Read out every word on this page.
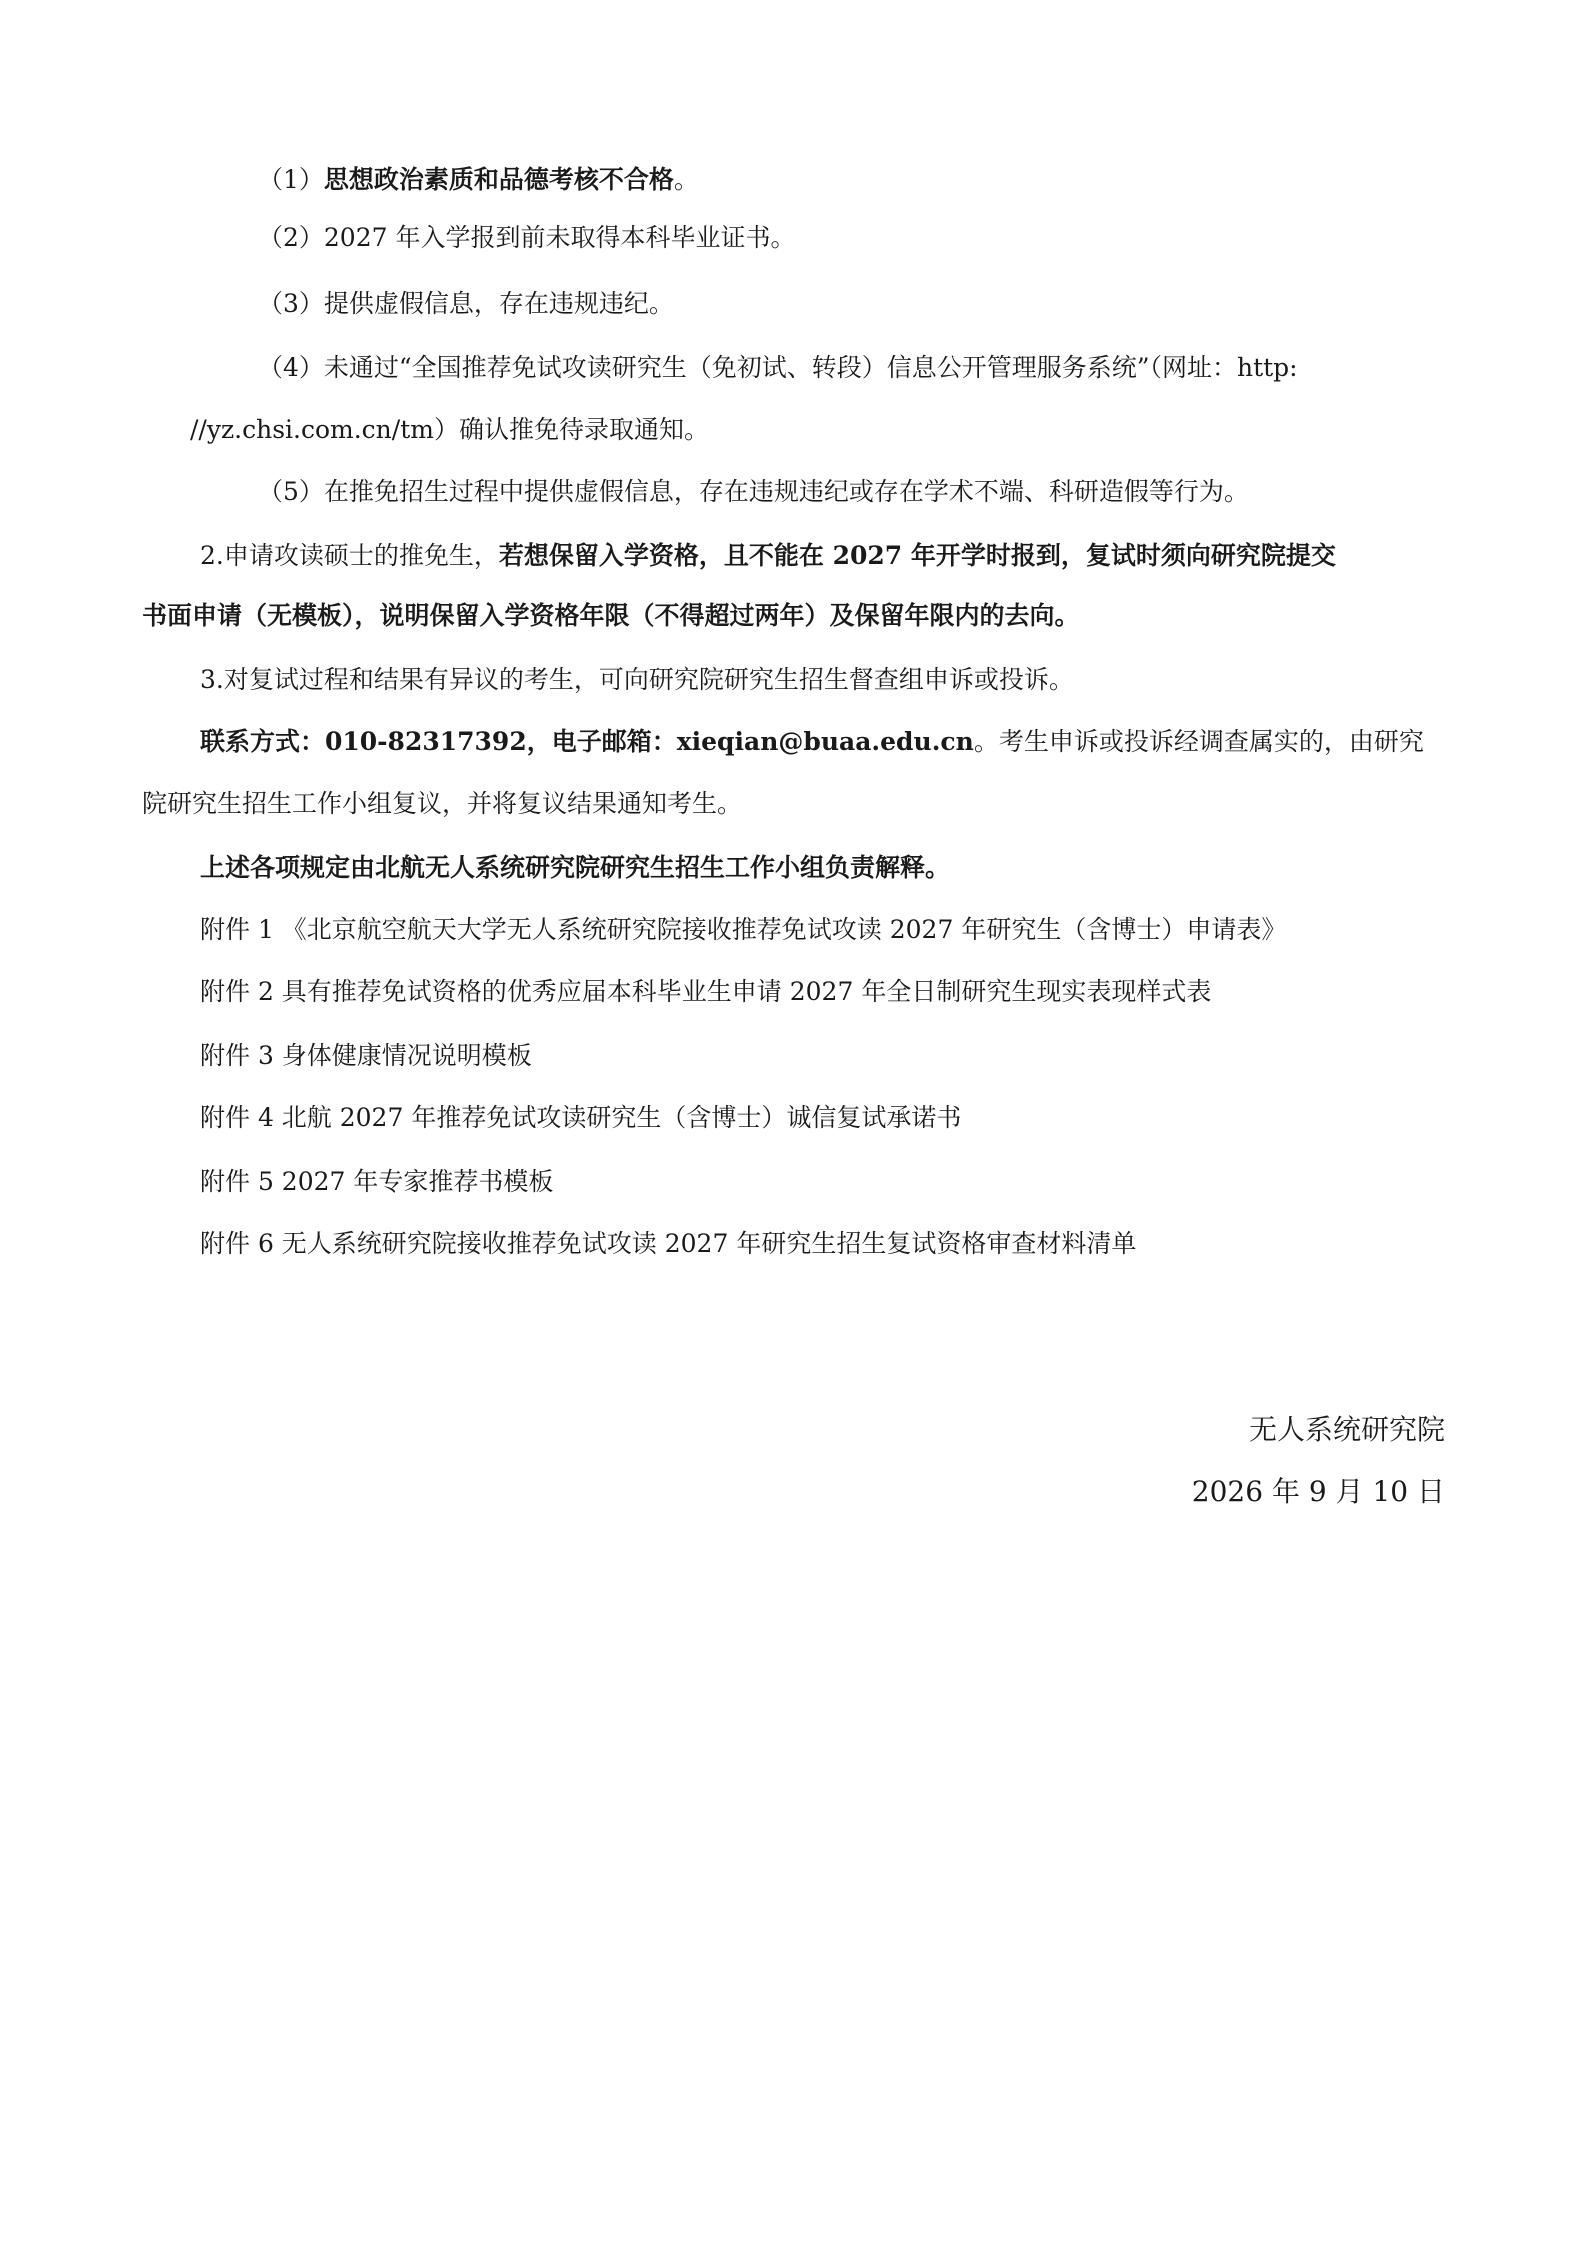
（1）思想政治素质和品德考核不合格。
（2）2027 年入学报到前未取得本科毕业证书。
（3）提供虚假信息，存在违规违纪。
（4）未通过“全国推荐免试攻读研究生（免初试、转段）信息公开管理服务系统”（网址：http:
//yz.chsi.com.cn/tm）确认推免待录取通知。
（5）在推免招生过程中提供虚假信息，存在违规违纪或存在学术不端、科研造假等行为。
2.申请攻读硕士的推免生，若想保留入学资格，且不能在 2027 年开学时报到，复试时须向研究院提交
书面申请（无模板），说明保留入学资格年限（不得超过两年）及保留年限内的去向。
3.对复试过程和结果有异议的考生，可向研究院研究生招生督查组申诉或投诉。
联系方式：010-82317392，电子邮箱：xieqian@buaa.edu.cn。考生申诉或投诉经调查属实的，由研究
院研究生招生工作小组复议，并将复议结果通知考生。
上述各项规定由北航无人系统研究院研究生招生工作小组负责解释。
附件 1 《北京航空航天大学无人系统研究院接收推荐免试攻读 2027 年研究生（含博士）申请表》
附件 2 具有推荐免试资格的优秀应届本科毕业生申请 2027 年全日制研究生现实表现样式表
附件 3 身体健康情况说明模板
附件 4 北航 2027 年推荐免试攻读研究生（含博士）诚信复试承诺书
附件 5 2027 年专家推荐书模板
附件 6 无人系统研究院接收推荐免试攻读 2027 年研究生招生复试资格审查材料清单
无人系统研究院
2026 年 9 月 10 日
